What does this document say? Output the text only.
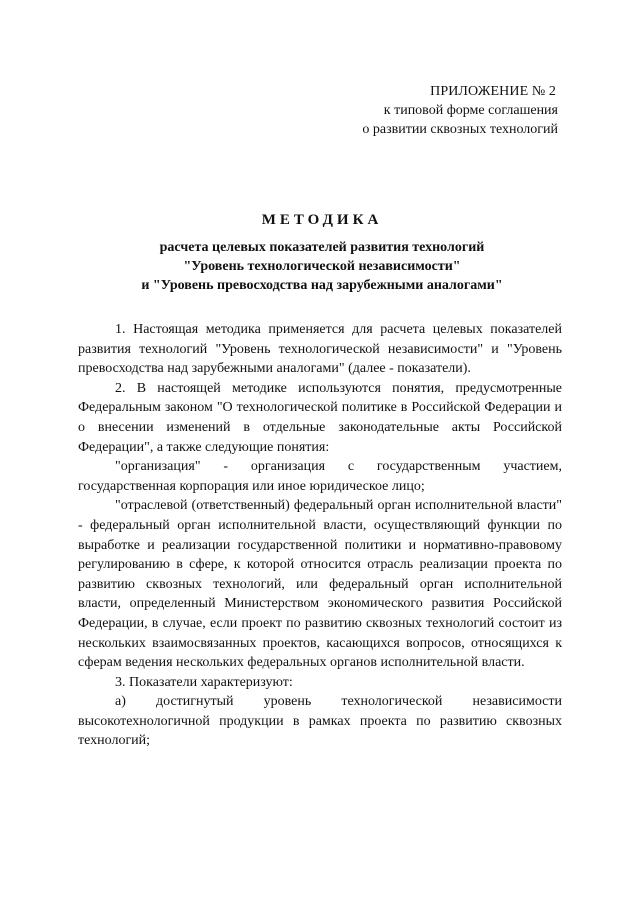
ПРИЛОЖЕНИЕ № 2
к типовой форме соглашения
о развитии сквозных технологий
МЕТОДИКА
расчета целевых показателей развития технологий
"Уровень технологической независимости"
и "Уровень превосходства над зарубежными аналогами"

1. Настоящая методика применяется для расчета целевых показателей развития технологий "Уровень технологической независимости" и "Уровень превосходства над зарубежными аналогами" (далее - показатели).

2. В настоящей методике используются понятия, предусмотренные Федеральным законом "О технологической политике в Российской Федерации и о внесении изменений в отдельные законодательные акты Российской Федерации", а также следующие понятия:

"организация" - организация с государственным участием, государственная корпорация или иное юридическое лицо;

"отраслевой (ответственный) федеральный орган исполнительной власти" - федеральный орган исполнительной власти, осуществляющий функции по выработке и реализации государственной политики и нормативно-правовому регулированию в сфере, к которой относится отрасль реализации проекта по развитию сквозных технологий, или федеральный орган исполнительной власти, определенный Министерством экономического развития Российской Федерации, в случае, если проект по развитию сквозных технологий состоит из нескольких взаимосвязанных проектов, касающихся вопросов, относящихся к сферам ведения нескольких федеральных органов исполнительной власти.

3. Показатели характеризуют:

а) достигнутый уровень технологической независимости высокотехнологичной продукции в рамках проекта по развитию сквозных технологий;
